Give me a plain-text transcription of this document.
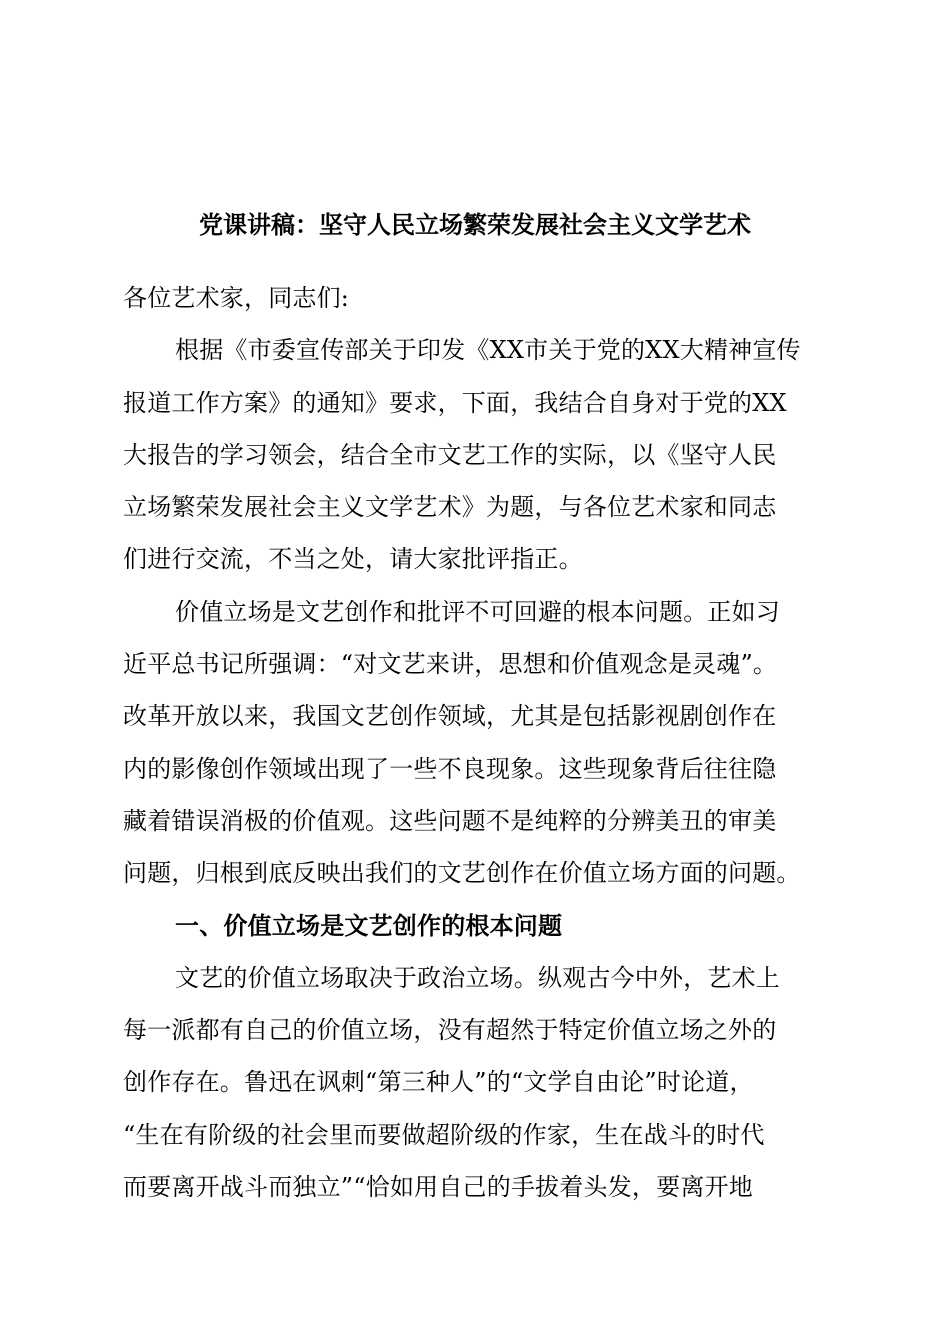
党课讲稿：坚守人民立场繁荣发展社会主义文学艺术
各位艺术家，同志们:
根据《市委宣传部关于印发《XX市关于党的XX大精神宣传
报道工作方案》的通知》要求，下面，我结合自身对于党的XX
大报告的学习领会，结合全市文艺工作的实际，以《坚守人民
立场繁荣发展社会主义文学艺术》为题，与各位艺术家和同志
们进行交流，不当之处，请大家批评指正。
价值立场是文艺创作和批评不可回避的根本问题。正如习
近平总书记所强调：“对文艺来讲，思想和价值观念是灵魂”。
改革开放以来，我国文艺创作领域，尤其是包括影视剧创作在
内的影像创作领域出现了一些不良现象。这些现象背后往往隐
藏着错误消极的价值观。这些问题不是纯粹的分辨美丑的审美
问题，归根到底反映出我们的文艺创作在价值立场方面的问题。
一、价值立场是文艺创作的根本问题
文艺的价值立场取决于政治立场。纵观古今中外，艺术上
每一派都有自己的价值立场，没有超然于特定价值立场之外的
创作存在。鲁迅在讽刺“第三种人”的“文学自由论”时论道，
“生在有阶级的社会里而要做超阶级的作家，生在战斗的时代
而要离开战斗而独立”“恰如用自己的手拔着头发，要离开地
